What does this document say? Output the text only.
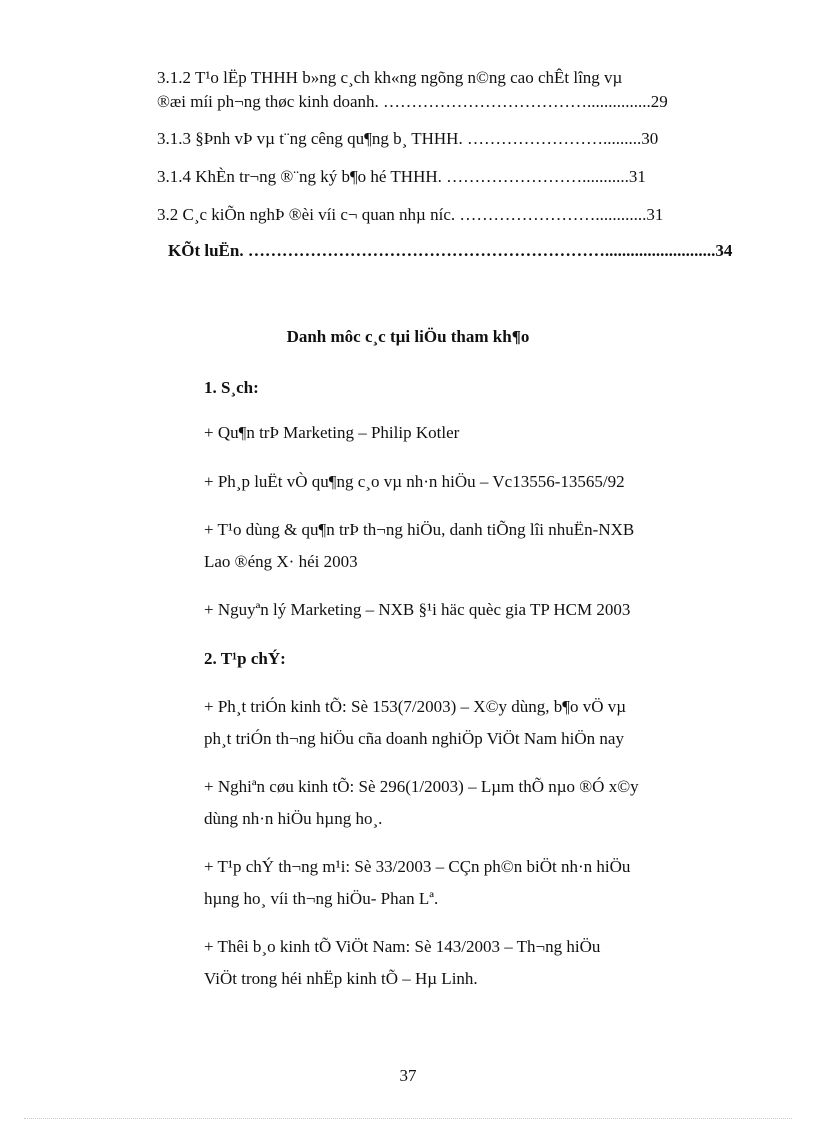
3.1.2 T¹o lËp THHH b»ng c¸ch kh«ng ngõng n©ng cao chÊt lîng vµ
®æi míi ph¬ng thøc kinh doanh. ………………………………...............29
3.1.3 §Þnh vÞ vµ t¨ng cêng qu¶ng b¸ THHH. …………………….........30
3.1.4 KhÈn tr¬ng ®¨ng ký b¶o hé THHH. ……………………...........31
3.2 C¸c kiÕn nghÞ ®èi víi c¬ quan nhµ níc. ……………………............31
KÕt luËn. ………………………………………………………..........................34
Danh môc c¸c tµi liÖu tham kh¶o
1. S¸ch:
+ Qu¶n trÞ Marketing – Philip Kotler
+ Ph¸p luËt vÒ qu¶ng c¸o vµ nh·n hiÖu – Vc13556-13565/92
+ T¹o dùng & qu¶n trÞ th¬ng hiÖu, danh tiÕng lîi nhuËn-NXB
Lao ®éng X· héi 2003
+ Nguyªn lý Marketing – NXB §¹i häc quèc gia TP HCM 2003
2. T¹p chÝ:
+ Ph¸t triÓn kinh tÕ: Sè 153(7/2003) – X©y dùng, b¶o vÖ vµ
ph¸t triÓn th¬ng hiÖu cña doanh nghiÖp ViÖt Nam hiÖn nay
+ Nghiªn cøu kinh tÕ: Sè 296(1/2003) – Lµm thÕ nµo ®Ó x©y
dùng nh·n hiÖu hµng ho¸.
+ T¹p chÝ th¬ng m¹i: Sè 33/2003 – CÇn ph©n biÖt nh·n hiÖu
hµng ho¸ víi th¬ng hiÖu- Phan Lª.
+ Thêi b¸o kinh tÕ ViÖt Nam: Sè 143/2003 – Th¬ng hiÖu
ViÖt trong héi nhËp kinh tÕ – Hµ Linh.
37
